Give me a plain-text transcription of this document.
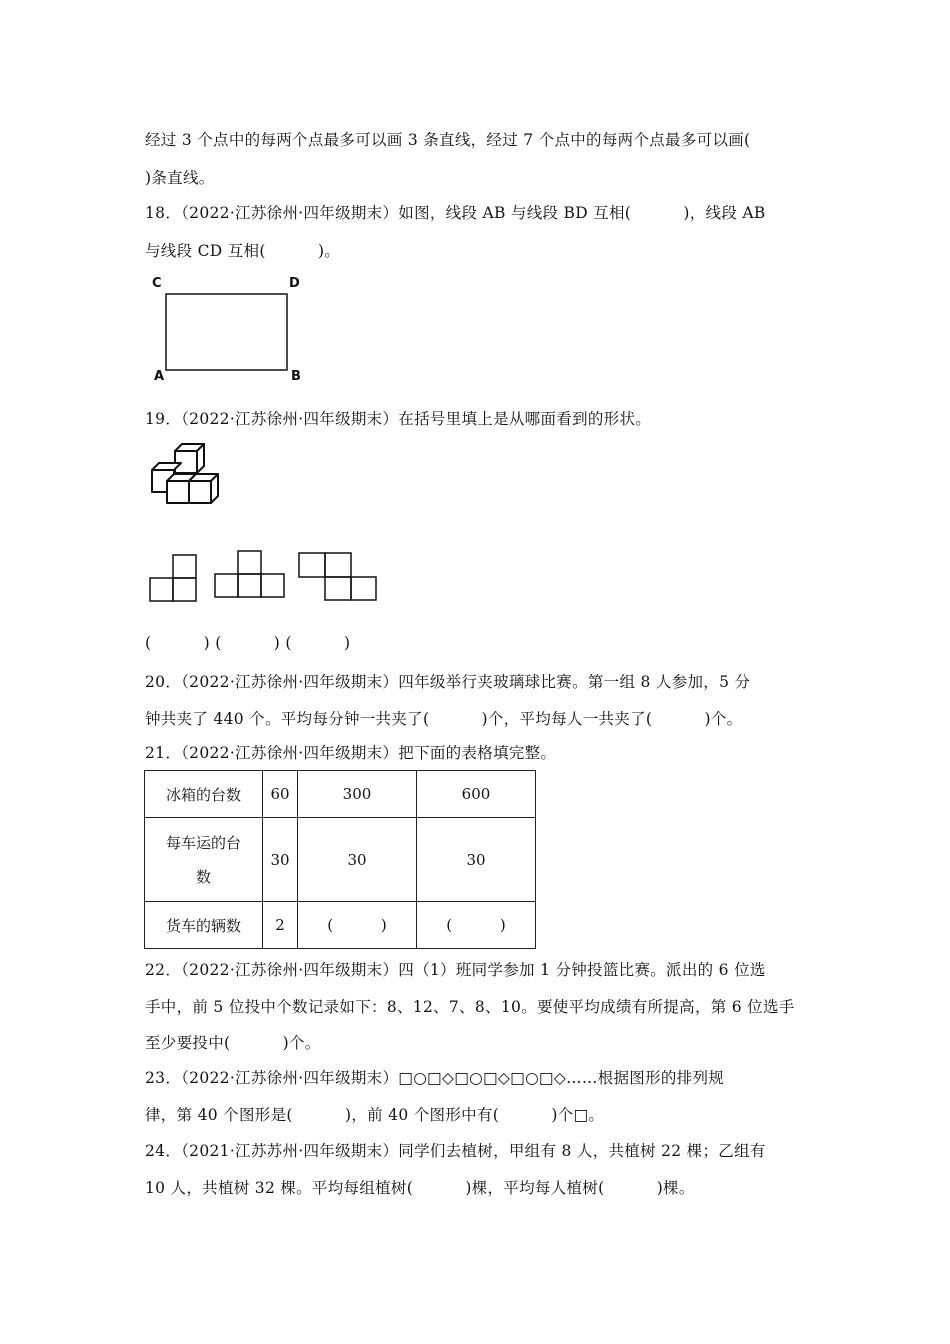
经过 3 个点中的每两个点最多可以画 3 条直线，经过 7 个点中的每两个点最多可以画(
)条直线。
18．（2022·江苏徐州·四年级期末）如图，线段 AB 与线段 BD 互相(          )，线段 AB
与线段 CD 互相(          )。
C	D
A	B
19．（2022·江苏徐州·四年级期末）在括号里填上是从哪面看到的形状。
(          ) (          ) (          )
20．（2022·江苏徐州·四年级期末）四年级举行夹玻璃球比赛。第一组 8 人参加，5 分
钟共夹了 440 个。平均每分钟一共夹了(          )个，平均每人一共夹了(          )个。
21．（2022·江苏徐州·四年级期末）把下面的表格填完整。
冰箱的台数	60	300	600

每车运的台
数	30	30	30
货车的辆数	2	(          )	(          )
22．（2022·江苏徐州·四年级期末）四（1）班同学参加 1 分钟投篮比赛。派出的 6 位选
手中，前 5 位投中个数记录如下：8、12、7、8、10。要使平均成绩有所提高，第 6 位选手
至少要投中(          )个。
23．（2022·江苏徐州·四年级期末）□○□◇□○□◇□○□◇……根据图形的排列规
律，第 40 个图形是(          )，前 40 个图形中有(          )个□。
24．（2021·江苏苏州·四年级期末）同学们去植树，甲组有 8 人，共植树 22 棵；乙组有
10 人，共植树 32 棵。平均每组植树(          )棵，平均每人植树(          )棵。
